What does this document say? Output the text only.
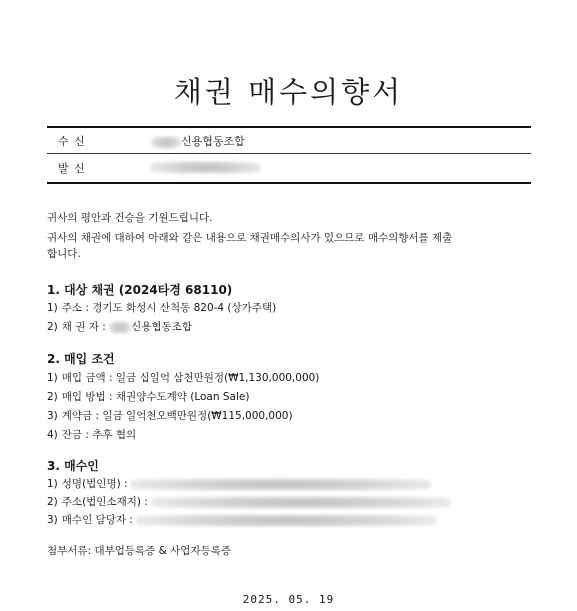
채권 매수의향서
수 신	신용협동조합
발 신
귀사의 평안과 건승을 기원드립니다.
귀사의 채권에 대하여 아래와 같은 내용으로 채권매수의사가 있으므로 매수의향서를 제출
합니다.
1. 대상 채권 (2024타경 68110)
1) 주소 : 경기도 화성시 산척동 820-4 (상가주택)
2) 채 권 자 : 신용협동조합
2. 매입 조건
1) 매입 금액 : 일금 십일억 삼천만원정(₩1,130,000,000)
2) 매입 방법 : 채권양수도계약 (Loan Sale)
3) 계약금 : 일금 일억천오백만원정(₩115,000,000)
4) 잔금 : 추후 협의
3. 매수인
1) 성명(법인명) :
2) 주소(법인소재지) :
3) 매수인 담당자 :
첨부서류: 대부업등록증 & 사업자등록증
2025. 05. 19
